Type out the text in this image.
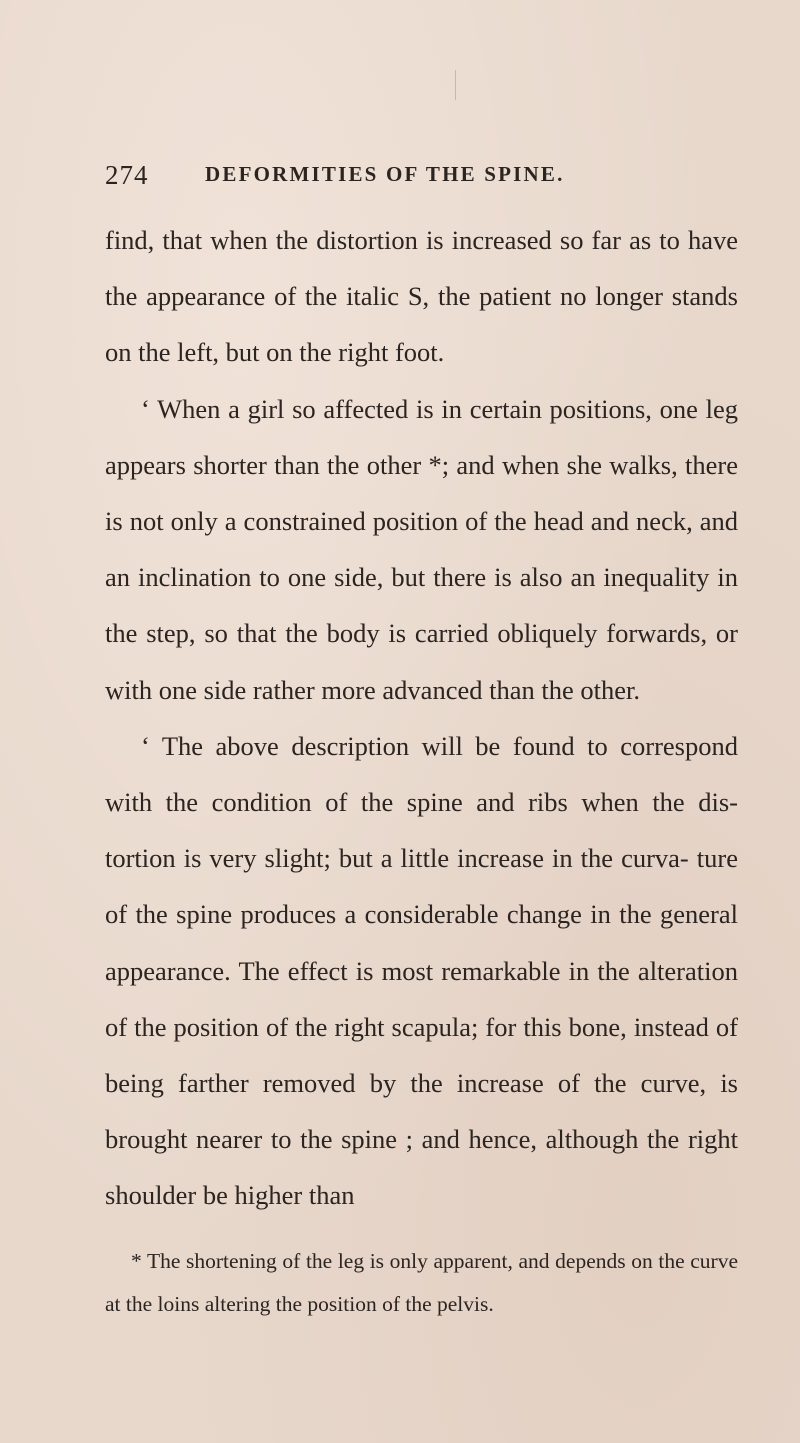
274	DEFORMITIES OF THE SPINE.

find, that when the distortion is increased so far as to have the appearance of the italic S, the patient no longer stands on the left, but on the right foot.

‘ When a girl so affected is in certain positions, one leg appears shorter than the other *; and when she walks, there is not only a constrained position of the head and neck, and an inclination to one side, but there is also an inequality in the step, so that the body is carried obliquely forwards, or with one side rather more advanced than the other.

‘ The above description will be found to correspond with the condition of the spine and ribs when the dis- tortion is very slight; but a little increase in the curva- ture of the spine produces a considerable change in the general appearance. The effect is most remarkable in the alteration of the position of the right scapula; for this bone, instead of being farther removed by the increase of the curve, is brought nearer to the spine ; and hence, although the right shoulder be higher than

* The shortening of the leg is only apparent, and depends on the curve at the loins altering the position of the pelvis.
